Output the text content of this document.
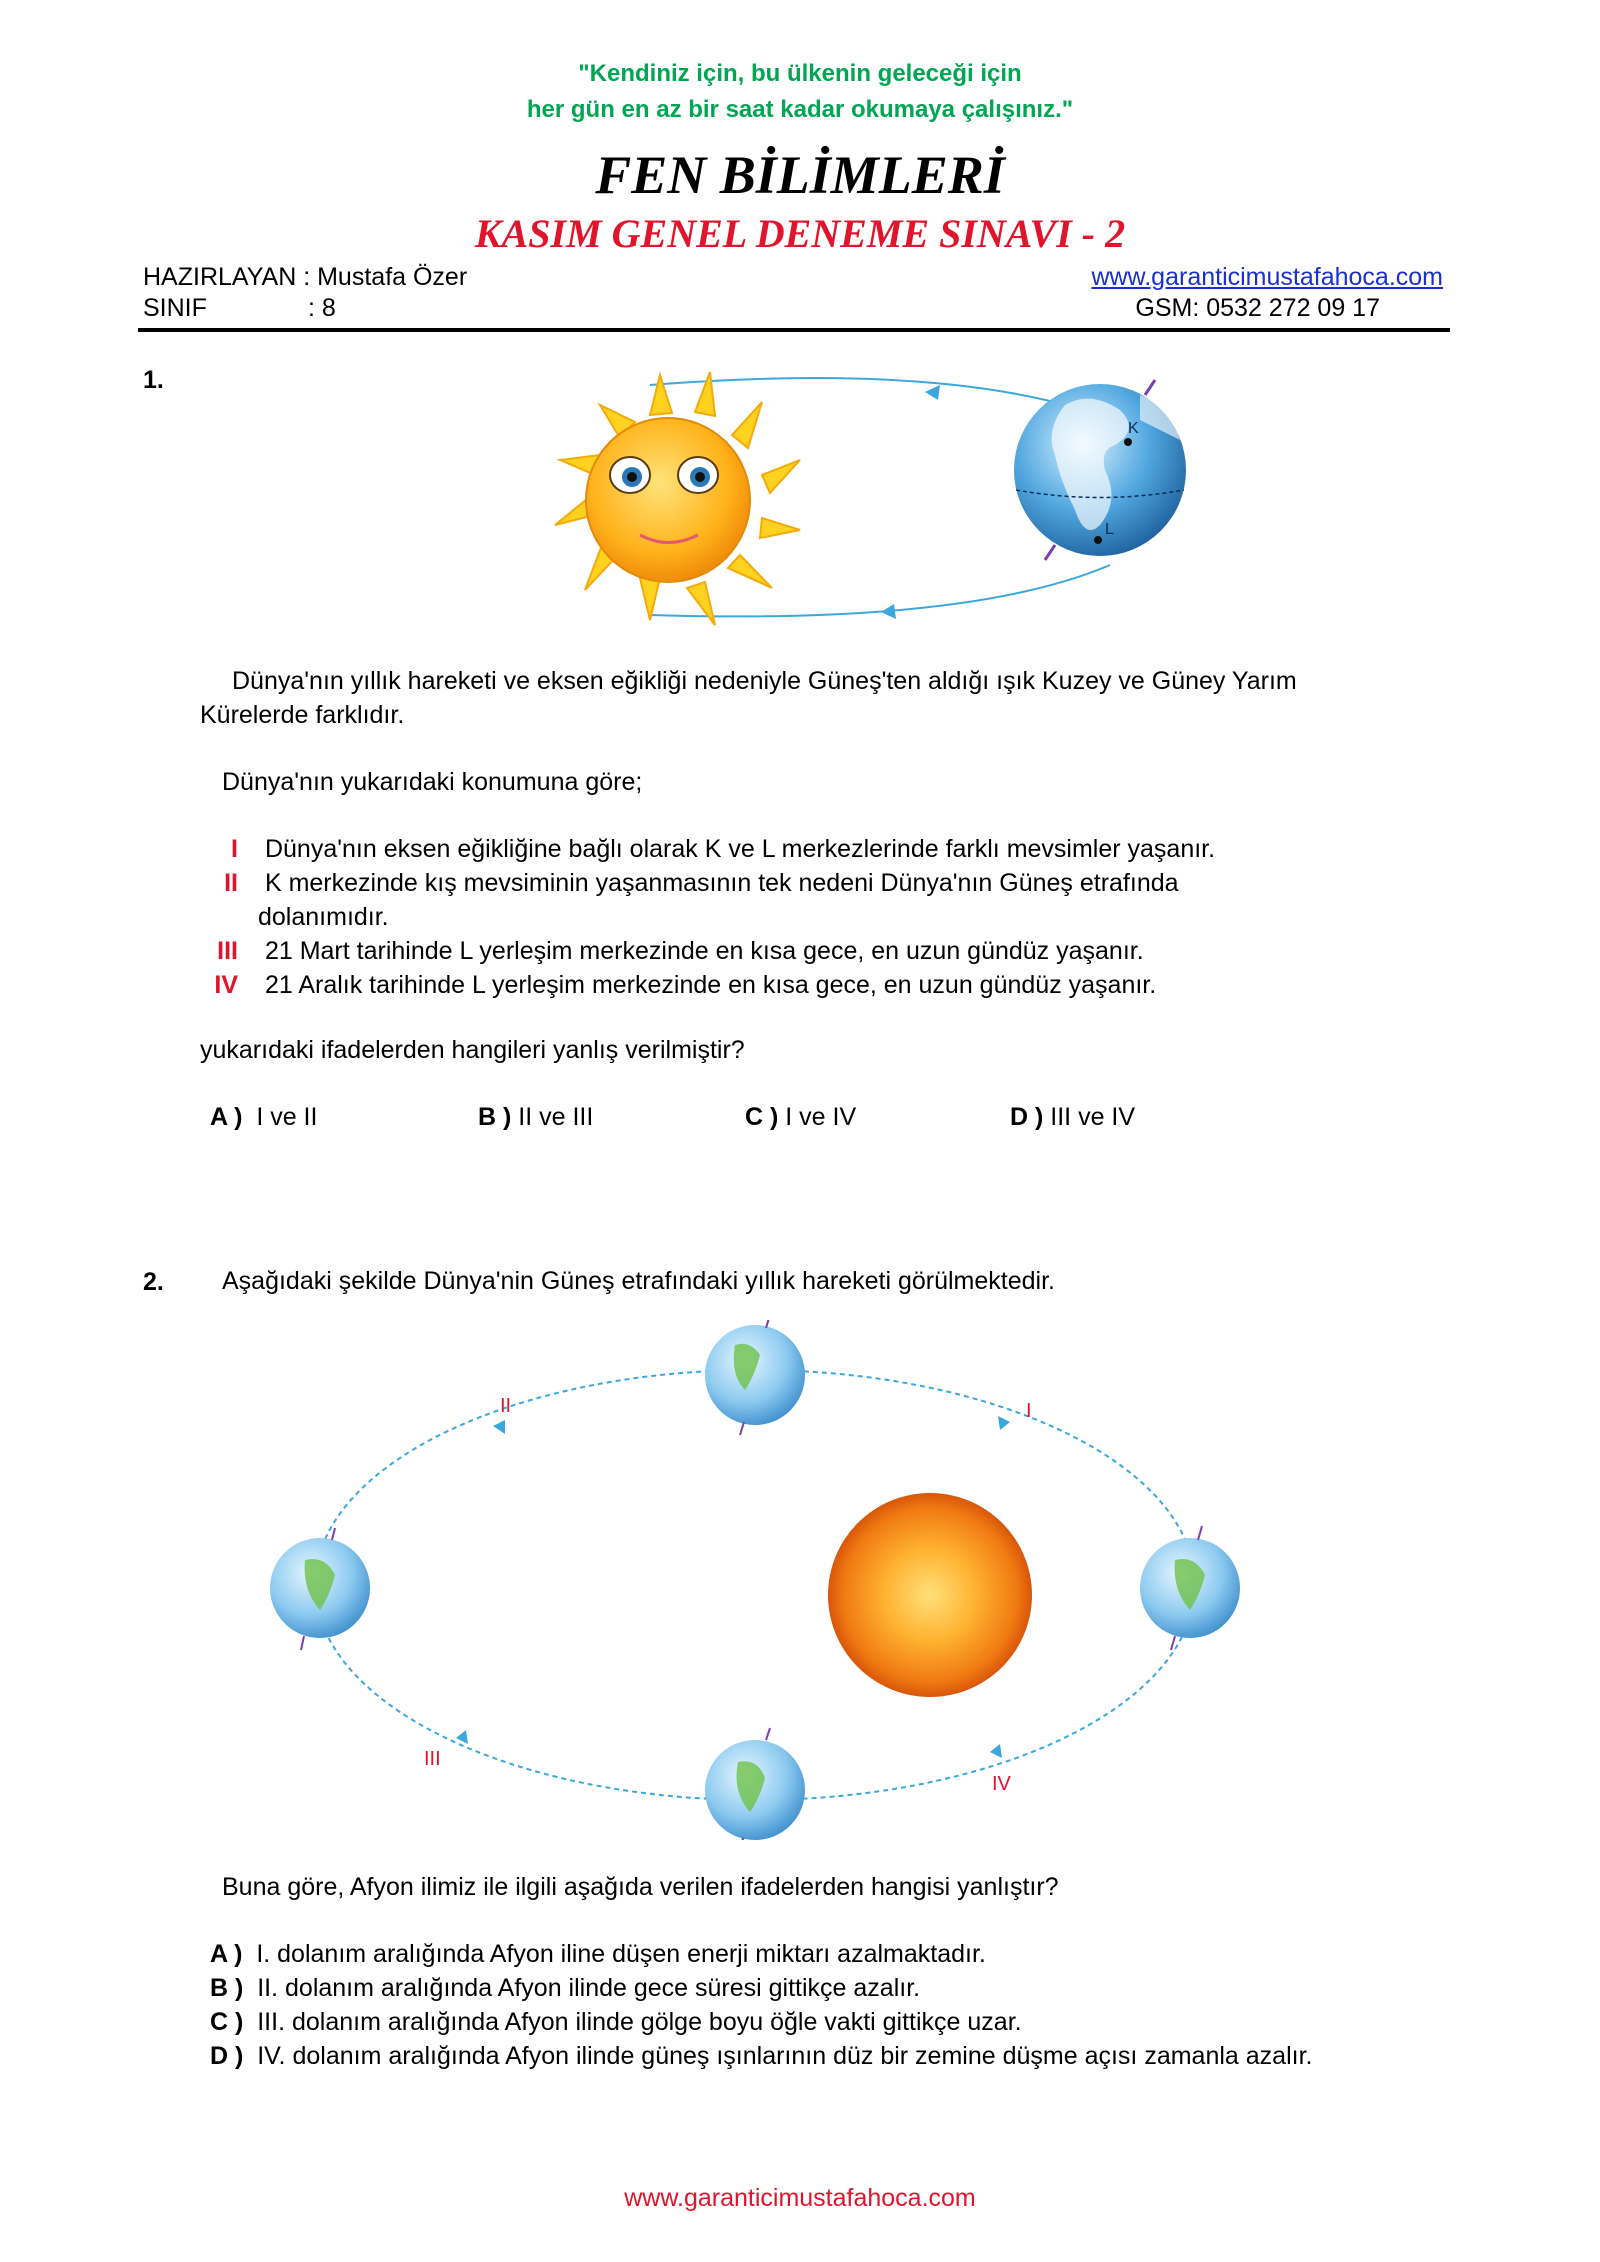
"Kendiniz için, bu ülkenin geleceği için
her gün en az bir saat kadar okumaya çalışınız."
FEN BİLİMLERİ
KASIM GENEL DENEME SINAVI - 2
HAZIRLAYAN : Mustafa Özer
SINIF	: 8
www.garanticimustafahoca.com
GSM: 0532 272 09 17
1.
K
L
Dünya'nın yıllık hareketi ve eksen eğikliği nedeniyle Güneş'ten aldığı ışık Kuzey ve Güney Yarım
Kürelerde farklıdır.
Dünya'nın yukarıdaki konumuna göre;
I Dünya'nın eksen eğikliğine bağlı olarak K ve L merkezlerinde farklı mevsimler yaşanır.
II K merkezinde kış mevsiminin yaşanmasının tek nedeni Dünya'nın Güneş etrafında
dolanımıdır.
III 21 Mart tarihinde L yerleşim merkezinde en kısa gece, en uzun gündüz yaşanır.
IV 21 Aralık tarihinde L yerleşim merkezinde en kısa gece, en uzun gündüz yaşanır.
yukarıdaki ifadelerden hangileri yanlış verilmiştir?
A ) I ve II	B ) II ve III	C ) I ve IV	D ) III ve IV
2. Aşağıdaki şekilde Dünya'nin Güneş etrafındaki yıllık hareketi görülmektedir.
I
II
III
IV
Buna göre, Afyon ilimiz ile ilgili aşağıda verilen ifadelerden hangisi yanlıştır?
A ) I. dolanım aralığında Afyon iline düşen enerji miktarı azalmaktadır.
B ) II. dolanım aralığında Afyon ilinde gece süresi gittikçe azalır.
C ) III. dolanım aralığında Afyon ilinde gölge boyu öğle vakti gittikçe uzar.
D ) IV. dolanım aralığında Afyon ilinde güneş ışınlarının düz bir zemine düşme açısı zamanla azalır.
www.garanticimustafahoca.com
